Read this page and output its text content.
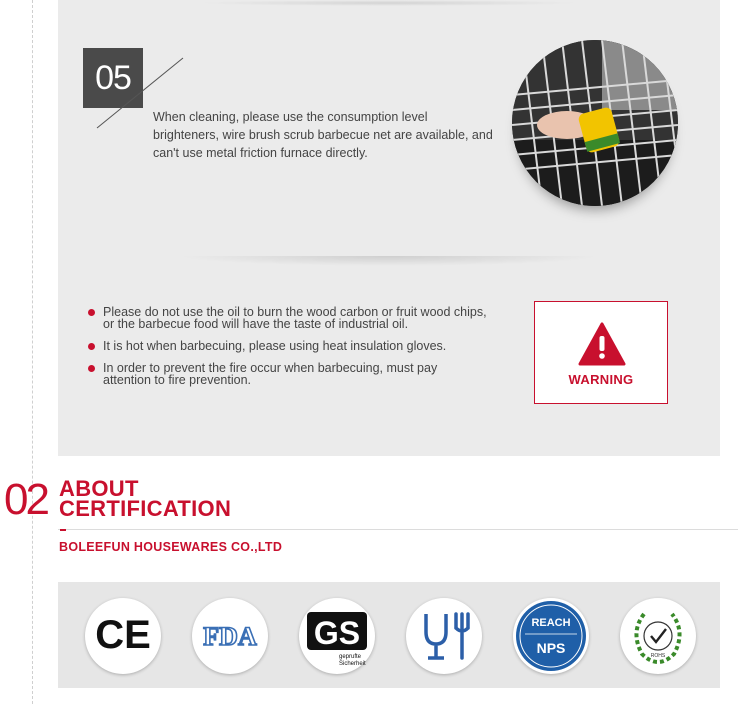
05
When cleaning, please use the consumption level brighteners, wire brush scrub barbecue net are available, and can't use metal friction furnace directly.
Please do not use the oil to burn the wood carbon or fruit wood chips, or the barbecue food will have the taste of industrial oil.
It is hot when barbecuing, please using heat insulation gloves.
In order to prevent the fire occur when barbecuing, must pay attention to fire prevention.	WARNING
02 ABOUT
CERTIFICATION
BOLEEFUN HOUSEWARES CO.,LTD
CE FDA GS
geprufte
Sicherheit
REACH
NPS	ROHS
